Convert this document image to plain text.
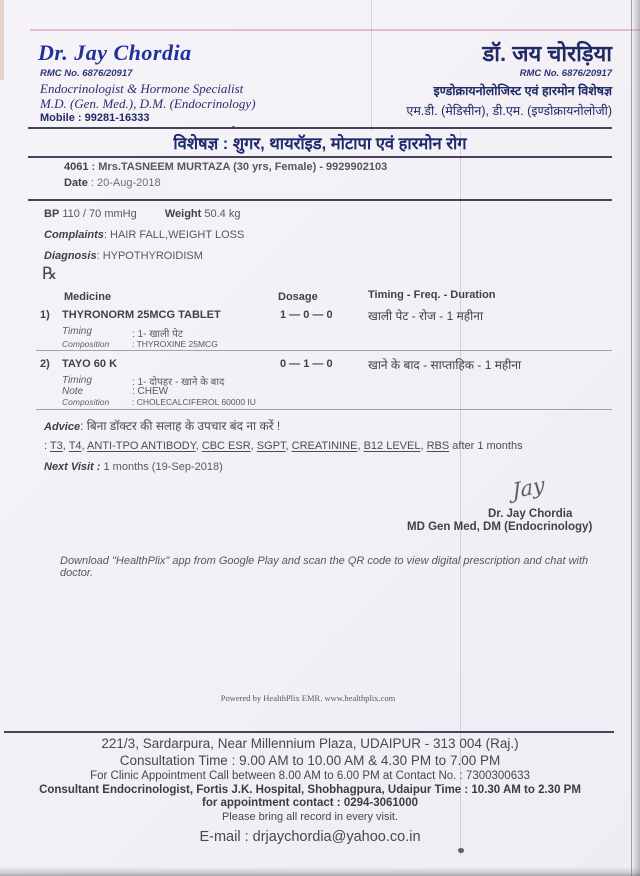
Dr. Jay Chordia
RMC No. 6876/20917
Endocrinologist & Hormone Specialist
M.D. (Gen. Med.), D.M. (Endocrinology)
Mobile : 99281-16333
डॉ. जय चोरड़िया
RMC No. 6876/20917
इण्डोक्रायनोलोजिस्ट एवं हारमोन विशेषज्ञ
एम.डी. (मेडिसीन), डी.एम. (इण्डोक्रायनोलोजी)
विशेषज्ञ : शुगर, थायरॉइड, मोटापा एवं हारमोन रोग
4061 : Mrs.TASNEEM MURTAZA (30 yrs, Female) - 9929902103
Date : 20-Aug-2018
BP 110 / 70 mmHg	Weight 50.4 kg
Complaints: HAIR FALL,WEIGHT LOSS
Diagnosis: HYPOTHYROIDISM
℞
Medicine	Dosage	Timing - Freq. - Duration
1) THYRONORM 25MCG TABLET	1 — 0 — 0	खाली पेट - रोज - 1 महीना
Timing	: 1- खाली पेट
Composition	: THYROXINE 25MCG
2) TAYO 60 K	0 — 1 — 0	खाने के बाद - साप्ताहिक - 1 महीना
Timing	: 1- दोपहर - खाने के बाद
Note	: CHEW
Composition	: CHOLECALCIFEROL 60000 IU
Advice: बिना डॉक्टर की सलाह के उपचार बंद ना करें !
: T3, T4, ANTI-TPO ANTIBODY, CBC ESR, SGPT, CREATININE, B12 LEVEL, RBS after 1 months
Next Visit : 1 months (19-Sep-2018)
Jay
Dr. Jay Chordia
MD Gen Med, DM (Endocrinology)
Download "HealthPlix" app from Google Play and scan the QR code to view digital prescription and chat with doctor.
Powered by HealthPlix EMR. www.healthplix.com
221/3, Sardarpura, Near Millennium Plaza, UDAIPUR - 313 004 (Raj.)
Consultation Time : 9.00 AM to 10.00 AM & 4.30 PM to 7.00 PM
For Clinic Appointment Call between 8.00 AM to 6.00 PM at Contact No. : 7300300633
Consultant Endocrinologist, Fortis J.K. Hospital, Shobhagpura, Udaipur Time : 10.30 AM to 2.30 PM
for appointment contact : 0294-3061000
Please bring all record in every visit.
E-mail : drjaychordia@yahoo.co.in
